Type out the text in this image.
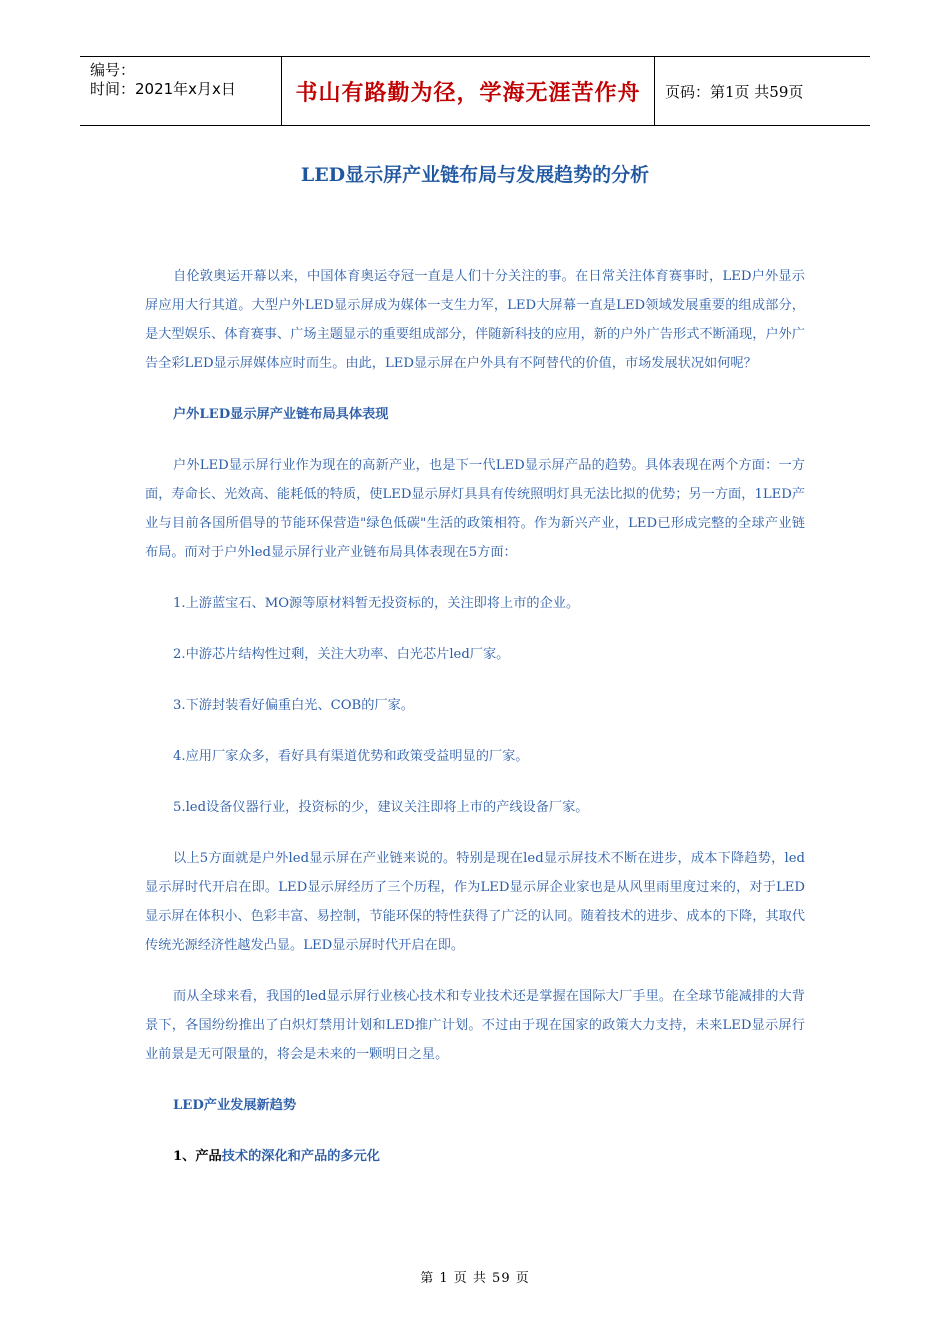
编号：
时间：2021年x月x日	书山有路勤为径，学海无涯苦作舟	页码：第1页 共59页
LED显示屏产业链布局与发展趋势的分析

自伦敦奥运开幕以来，中国体育奥运夺冠一直是人们十分关注的事。在日常关注体育赛事时，LED户外显示屏应用大行其道。大型户外LED显示屏成为媒体一支生力军，LED大屏幕一直是LED领域发展重要的组成部分，是大型娱乐、体育赛事、广场主题显示的重要组成部分，伴随新科技的应用，新的户外广告形式不断涌现，户外广告全彩LED显示屏媒体应时而生。由此，LED显示屏在户外具有不阿替代的价值，市场发展状况如何呢？

户外LED显示屏产业链布局具体表现

户外LED显示屏行业作为现在的高新产业，也是下一代LED显示屏产品的趋势。具体表现在两个方面：一方面，寿命长、光效高、能耗低的特质，使LED显示屏灯具具有传统照明灯具无法比拟的优势；另一方面，1LED产业与目前各国所倡导的节能环保营造"绿色低碳"生活的政策相符。作为新兴产业，LED已形成完整的全球产业链布局。而对于户外led显示屏行业产业链布局具体表现在5方面：

1.上游蓝宝石、MO源等原材料暂无投资标的，关注即将上市的企业。

2.中游芯片结构性过剩，关注大功率、白光芯片led厂家。

3.下游封装看好偏重白光、COB的厂家。

4.应用厂家众多，看好具有渠道优势和政策受益明显的厂家。

5.led设备仪器行业，投资标的少，建议关注即将上市的产线设备厂家。

以上5方面就是户外led显示屏在产业链来说的。特别是现在led显示屏技术不断在进步，成本下降趋势，led显示屏时代开启在即。LED显示屏经历了三个历程，作为LED显示屏企业家也是从风里雨里度过来的，对于LED显示屏在体积小、色彩丰富、易控制，节能环保的特性获得了广泛的认同。随着技术的进步、成本的下降，其取代传统光源经济性越发凸显。LED显示屏时代开启在即。

而从全球来看，我国的led显示屏行业核心技术和专业技术还是掌握在国际大厂手里。在全球节能减排的大背景下，各国纷纷推出了白炽灯禁用计划和LED推广计划。不过由于现在国家的政策大力支持，未来LED显示屏行业前景是无可限量的，将会是未来的一颗明日之星。

LED产业发展新趋势

1、产品技术的深化和产品的多元化

第 1 页 共 59 页
